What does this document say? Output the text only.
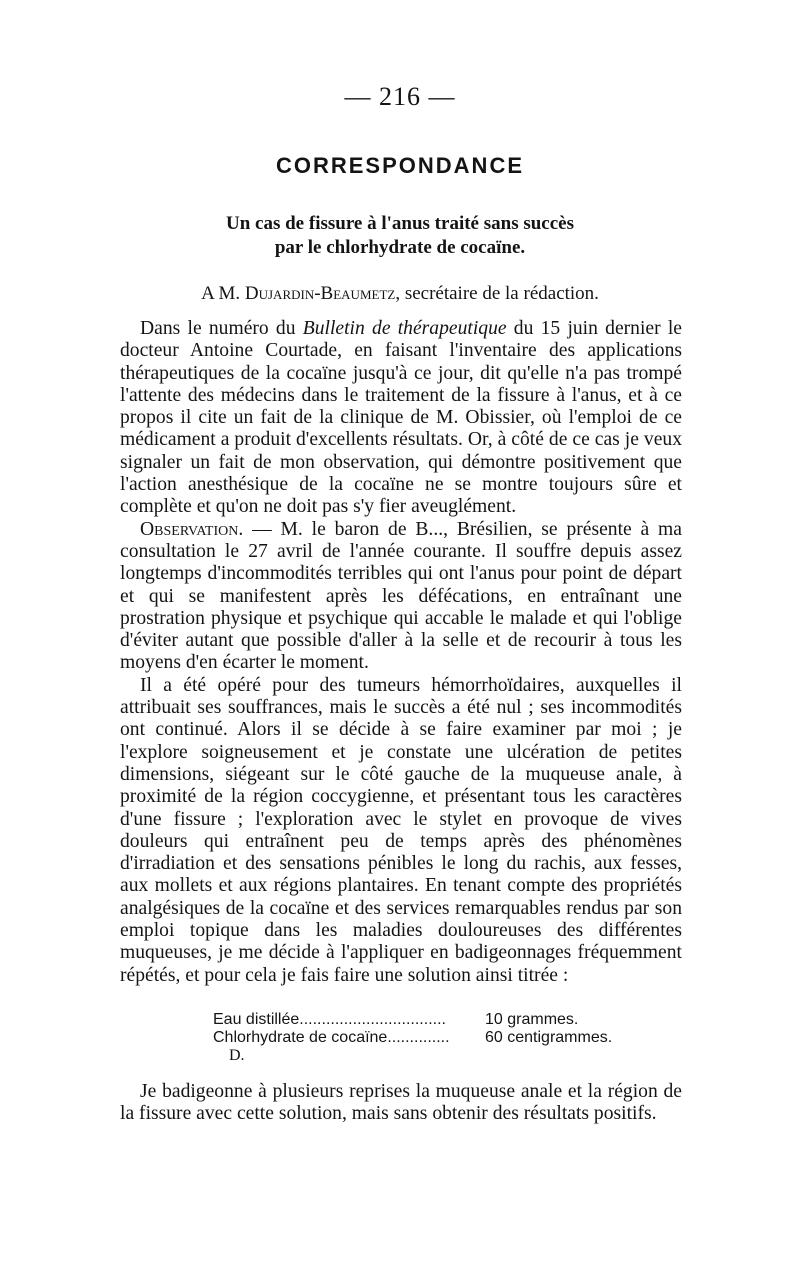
— 216 —
CORRESPONDANCE
Un cas de fissure à l'anus traité sans succès
par le chlorhydrate de cocaïne.
A M. Dujardin-Beaumetz, secrétaire de la rédaction.

Dans le numéro du Bulletin de thérapeutique du 15 juin dernier le docteur Antoine Courtade, en faisant l'inventaire des applications thérapeutiques de la cocaïne jusqu'à ce jour, dit qu'elle n'a pas trompé l'attente des médecins dans le traitement de la fissure à l'anus, et à ce propos il cite un fait de la clinique de M. Obissier, où l'emploi de ce médicament a produit d'excellents résultats. Or, à côté de ce cas je veux signaler un fait de mon observation, qui démontre positivement que l'action anesthésique de la cocaïne ne se montre toujours sûre et complète et qu'on ne doit pas s'y fier aveuglément.

Observation. — M. le baron de B..., Brésilien, se présente à ma consultation le 27 avril de l'année courante. Il souffre depuis assez longtemps d'incommodités terribles qui ont l'anus pour point de départ et qui se manifestent après les défécations, en entraînant une prostration physique et psychique qui accable le malade et qui l'oblige d'éviter autant que possible d'aller à la selle et de recourir à tous les moyens d'en écarter le moment.

Il a été opéré pour des tumeurs hémorrhoïdaires, auxquelles il attribuait ses souffrances, mais le succès a été nul ; ses incommodités ont continué. Alors il se décide à se faire examiner par moi ; je l'explore soigneusement et je constate une ulcération de petites dimensions, siégeant sur le côté gauche de la muqueuse anale, à proximité de la région coccygienne, et présentant tous les caractères d'une fissure ; l'exploration avec le stylet en provoque de vives douleurs qui entraînent peu de temps après des phénomènes d'irradiation et des sensations pénibles le long du rachis, aux fesses, aux mollets et aux régions plantaires. En tenant compte des propriétés analgésiques de la cocaïne et des services remarquables rendus par son emploi topique dans les maladies douloureuses des différentes muqueuses, je me décide à l'appliquer en badigeonnages fréquemment répétés, et pour cela je fais faire une solution ainsi titrée :

Eau distillée.................................	10 grammes.
Chlorhydrate de cocaïne..............	60 centigrammes.
D.

Je badigeonne à plusieurs reprises la muqueuse anale et la région de la fissure avec cette solution, mais sans obtenir des résultats positifs.
